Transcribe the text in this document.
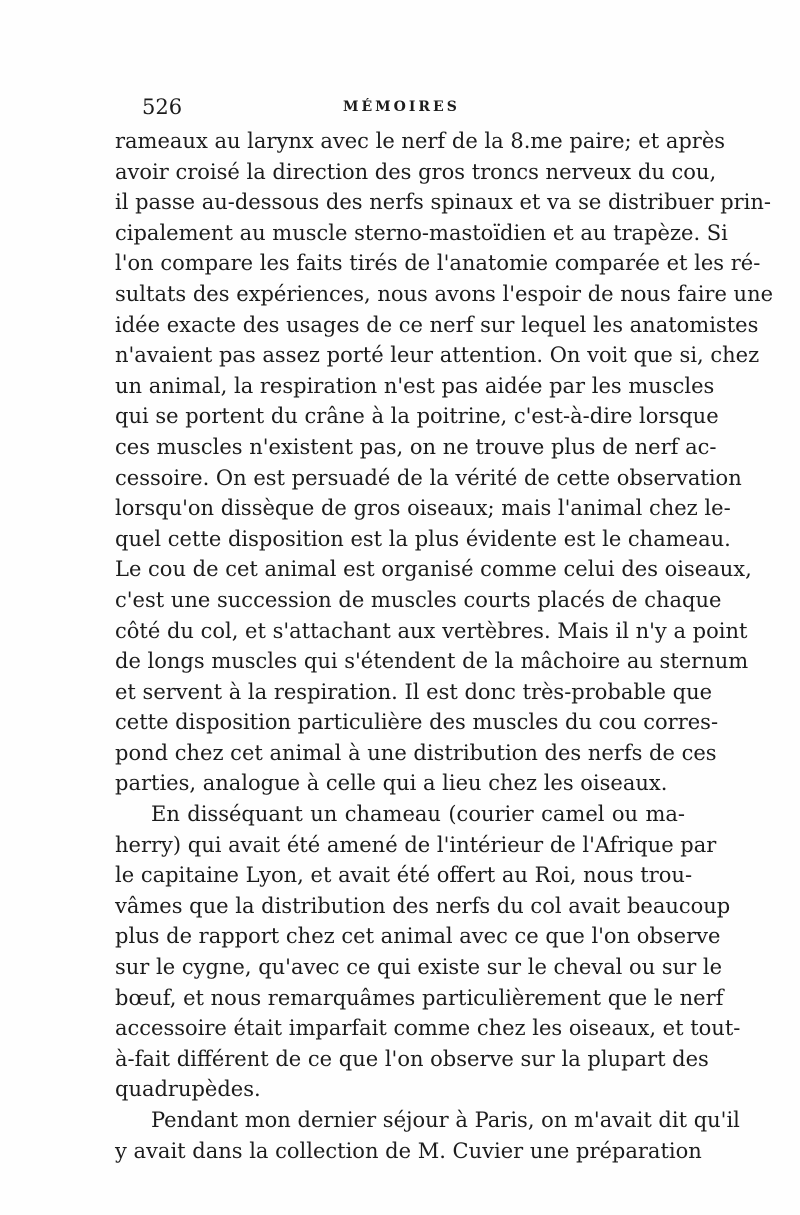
526	MÉMOIRES
rameaux au larynx avec le nerf de la 8.me paire; et après
avoir croisé la direction des gros troncs nerveux du cou,
il passe au-dessous des nerfs spinaux et va se distribuer prin-
cipalement au muscle sterno-mastoïdien et au trapèze. Si
l'on compare les faits tirés de l'anatomie comparée et les ré-
sultats des expériences, nous avons l'espoir de nous faire une
idée exacte des usages de ce nerf sur lequel les anatomistes
n'avaient pas assez porté leur attention. On voit que si, chez
un animal, la respiration n'est pas aidée par les muscles
qui se portent du crâne à la poitrine, c'est-à-dire lorsque
ces muscles n'existent pas, on ne trouve plus de nerf ac-
cessoire. On est persuadé de la vérité de cette observation
lorsqu'on dissèque de gros oiseaux; mais l'animal chez le-
quel cette disposition est la plus évidente est le chameau.
Le cou de cet animal est organisé comme celui des oiseaux,
c'est une succession de muscles courts placés de chaque
côté du col, et s'attachant aux vertèbres. Mais il n'y a point
de longs muscles qui s'étendent de la mâchoire au sternum
et servent à la respiration. Il est donc très-probable que
cette disposition particulière des muscles du cou corres-
pond chez cet animal à une distribution des nerfs de ces
parties, analogue à celle qui a lieu chez les oiseaux.
En disséquant un chameau (courier camel ou ma-
herry) qui avait été amené de l'intérieur de l'Afrique par
le capitaine Lyon, et avait été offert au Roi, nous trou-
vâmes que la distribution des nerfs du col avait beaucoup
plus de rapport chez cet animal avec ce que l'on observe
sur le cygne, qu'avec ce qui existe sur le cheval ou sur le
bœuf, et nous remarquâmes particulièrement que le nerf
accessoire était imparfait comme chez les oiseaux, et tout-
à-fait différent de ce que l'on observe sur la plupart des
quadrupèdes.
Pendant mon dernier séjour à Paris, on m'avait dit qu'il
y avait dans la collection de M. Cuvier une préparation
